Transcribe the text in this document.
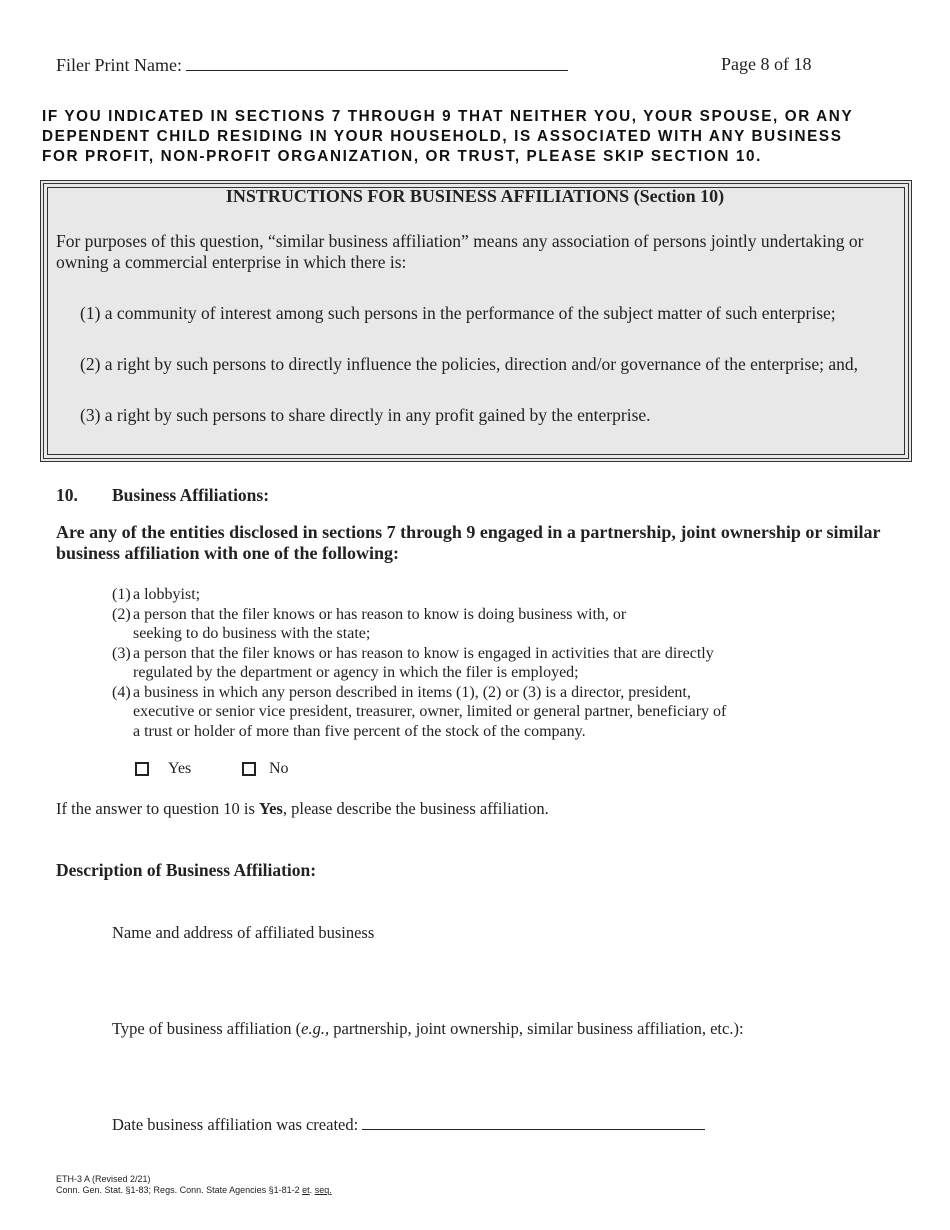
Filer Print Name:	Page 8 of 18
IF YOU INDICATED IN SECTIONS 7 THROUGH 9 THAT NEITHER YOU, YOUR SPOUSE, OR ANY
DEPENDENT CHILD RESIDING IN YOUR HOUSEHOLD, IS ASSOCIATED WITH ANY BUSINESS
FOR PROFIT, NON-PROFIT ORGANIZATION, OR TRUST, PLEASE SKIP SECTION 10.
INSTRUCTIONS FOR BUSINESS AFFILIATIONS (Section 10)
For purposes of this question, “similar business affiliation” means any association of persons jointly undertaking or owning a commercial enterprise in which there is:
(1) a community of interest among such persons in the performance of the subject matter of such enterprise;
(2) a right by such persons to directly influence the policies, direction and/or governance of the enterprise; and,
(3) a right by such persons to share directly in any profit gained by the enterprise.
10. Business Affiliations:
Are any of the entities disclosed in sections 7 through 9 engaged in a partnership, joint ownership or similar business affiliation with one of the following:
(1) a lobbyist;
(2) a person that the filer knows or has reason to know is doing business with, or
seeking to do business with the state;
(3) a person that the filer knows or has reason to know is engaged in activities that are directly
regulated by the department or agency in which the filer is employed;
(4) a business in which any person described in items (1), (2) or (3) is a director, president,
executive or senior vice president, treasurer, owner, limited or general partner, beneficiary of
a trust or holder of more than five percent of the stock of the company.
Yes	No
If the answer to question 10 is Yes, please describe the business affiliation.
Description of Business Affiliation:
Name and address of affiliated business
Type of business affiliation (e.g., partnership, joint ownership, similar business affiliation, etc.):
Date business affiliation was created:
ETH-3 A (Revised 2/21)
Conn. Gen. Stat. §1-83; Regs. Conn. State Agencies §1-81-2 et. seq.
